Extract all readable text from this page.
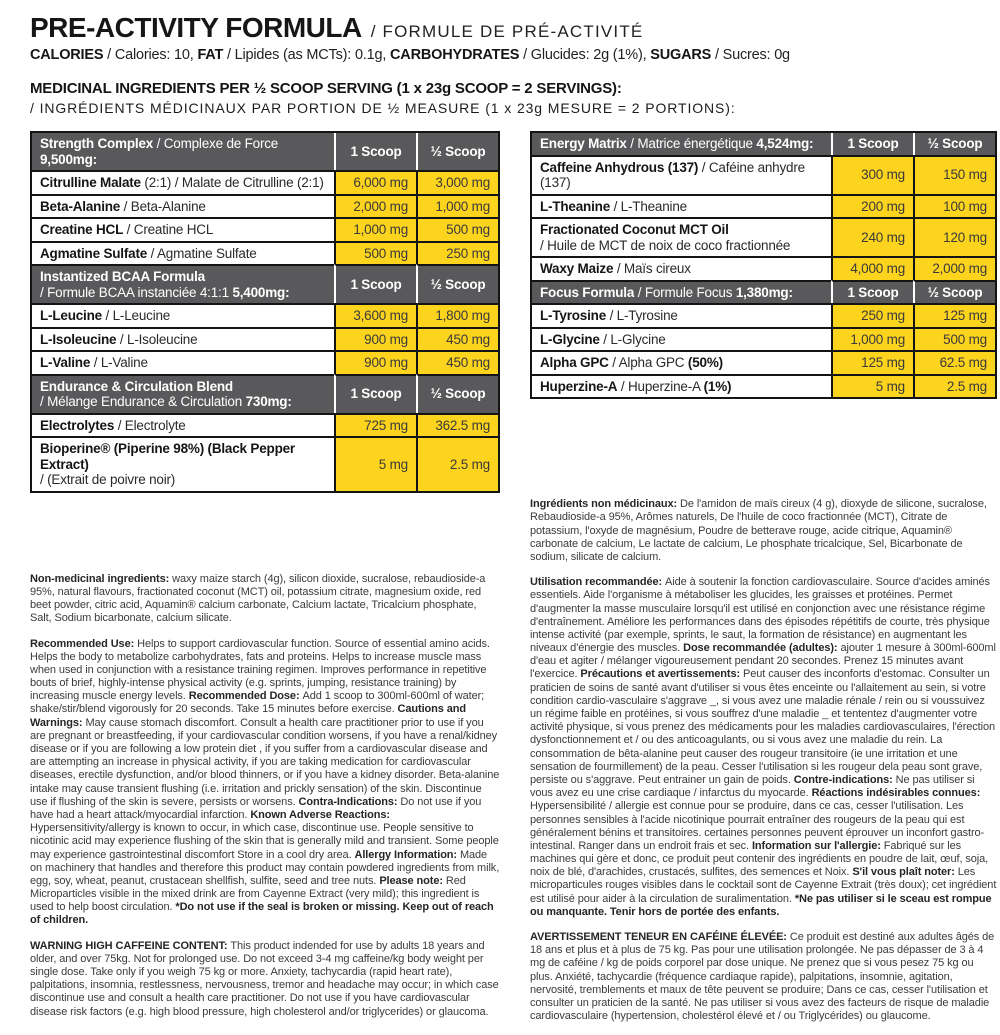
PRE-ACTIVITY FORMULA / FORMULE DE PRÉ-ACTIVITÉ
CALORIES / Calories: 10, FAT / Lipides (as MCTs): 0.1g, CARBOHYDRATES / Glucides: 2g (1%), SUGARS / Sucres: 0g
MEDICINAL INGREDIENTS PER ½ SCOOP SERVING (1 x 23g SCOOP = 2 SERVINGS):
/ INGRÉDIENTS MÉDICINAUX PAR PORTION DE ½ MEASURE (1 x 23g MESURE = 2 PORTIONS):
Strength Complex / Complexe de Force 9,500mg:	1 Scoop	½ Scoop
Citrulline Malate (2:1) / Malate de Citrulline (2:1)	6,000 mg	3,000 mg
Beta-Alanine / Beta-Alanine	2,000 mg	1,000 mg
Creatine HCL / Creatine HCL	1,000 mg	500 mg
Agmatine Sulfate / Agmatine Sulfate	500 mg	250 mg
Instantized BCAA Formula
/ Formule BCAA instanciée 4:1:1 5,400mg:	1 Scoop	½ Scoop
L-Leucine / L-Leucine	3,600 mg	1,800 mg
L-Isoleucine / L-Isoleucine	900 mg	450 mg
L-Valine / L-Valine	900 mg	450 mg
Endurance & Circulation Blend
/ Mélange Endurance & Circulation 730mg:	1 Scoop	½ Scoop
Electrolytes / Electrolyte	725 mg	362.5 mg
Bioperine® (Piperine 98%) (Black Pepper Extract)
/ (Extrait de poivre noir)	5 mg	2.5 mg

Non-medicinal ingredients: waxy maize starch (4g), silicon dioxide, sucralose, rebaudioside-a 95%, natural flavours, fractionated coconut (MCT) oil, potassium citrate, magnesium oxide, red beet powder, citric acid, Aquamin® calcium carbonate, Calcium lactate, Tricalcium phosphate, Salt, Sodium bicarbonate, calcium silicate.

Recommended Use: Helps to support cardiovascular function. Source of essential amino acids. Helps the body to metabolize carbohydrates, fats and proteins. Helps to increase muscle mass when used in conjunction with a resistance training regimen. Improves performance in repetitive bouts of brief, highly-intense physical activity (e.g. sprints, jumping, resistance training) by increasing muscle energy levels. Recommended Dose: Add 1 scoop to 300ml-600ml of water; shake/stir/blend vigorously for 20 seconds. Take 15 minutes before exercise. Cautions and Warnings: May cause stomach discomfort. Consult a health care practitioner prior to use if you are pregnant or breastfeeding, if your cardiovascular condition worsens, if you have a renal/kidney disease or if you are following a low protein diet , if you suffer from a cardiovascular disease and are attempting an increase in physical activity, if you are taking medication for cardiovascular diseases, erectile dysfunction, and/or blood thinners, or if you have a kidney disorder. Beta-alanine intake may cause transient flushing (i.e. irritation and prickly sensation) of the skin. Discontinue use if flushing of the skin is severe, persists or worsens. Contra-Indications: Do not use if you have had a heart attack/myocardial infarction. Known Adverse Reactions: Hypersensitivity/allergy is known to occur, in which case, discontinue use. People sensitive to nicotinic acid may experience flushing of the skin that is generally mild and transient. Some people may experience gastrointestinal discomfort Store in a cool dry area. Allergy Information: Made on machinery that handles and therefore this product may contain powdered ingredients from milk, egg, soy, wheat, peanut, crustacean shellfish, sulfite, seed and tree nuts. Please note: Red Microparticles visible in the mixed drink are from Cayenne Extract (very mild); this ingredient is used to help boost circulation. *Do not use if the seal is broken or missing. Keep out of reach of children.

WARNING HIGH CAFFEINE CONTENT: This product indended for use by adults 18 years and older, and over 75kg. Not for prolonged use. Do not exceed 3-4 mg caffeine/kg body weight per single dose. Take only if you weigh 75 kg or more. Anxiety, tachycardia (rapid heart rate), palpitations, insomnia, restlessness, nervousness, tremor and headache may occur; in which case discontinue use and consult a health care practitioner. Do not use if you have cardiovascular disease risk factors (e.g. high blood pressure, high cholesterol and/or triglycerides) or glaucoma.

Energy Matrix / Matrice énergétique 4,524mg:	1 Scoop	½ Scoop
Caffeine Anhydrous (137) / Caféine anhydre (137)	300 mg	150 mg
L-Theanine / L-Theanine	200 mg	100 mg
Fractionated Coconut MCT Oil
/ Huile de MCT de noix de coco fractionnée	240 mg	120 mg
Waxy Maize / Maïs cireux	4,000 mg	2,000 mg
Focus Formula / Formule Focus 1,380mg:	1 Scoop	½ Scoop
L-Tyrosine / L-Tyrosine	250 mg	125 mg
L-Glycine / L-Glycine	1,000 mg	500 mg
Alpha GPC / Alpha GPC (50%)	125 mg	62.5 mg
Huperzine-A / Huperzine-A (1%)	5 mg	2.5 mg

Ingrédients non médicinaux: De l'amidon de maïs cireux (4 g), dioxyde de silicone, sucralose, Rebaudioside-a 95%, Arômes naturels, De l'huile de coco fractionnée (MCT), Citrate de potassium, l'oxyde de magnésium, Poudre de betterave rouge, acide citrique, Aquamin® carbonate de calcium, Le lactate de calcium, Le phosphate tricalcique, Sel, Bicarbonate de sodium, silicate de calcium.

Utilisation recommandée: Aide à soutenir la fonction cardiovasculaire. Source d'acides aminés essentiels. Aide l'organisme à métaboliser les glucides, les graisses et protéines. Permet d'augmenter la masse musculaire lorsqu'il est utilisé en conjonction avec une résistance régime d'entraînement. Améliore les performances dans des épisodes répétitifs de courte, très physique intense activité (par exemple, sprints, le saut, la formation de résistance) en augmentant les niveaux d'énergie des muscles. Dose recommandée (adultes): ajouter 1 mesure à 300ml-600ml d'eau et agiter / mélanger vigoureusement pendant 20 secondes. Prenez 15 minutes avant l'exercice. Précautions et avertissements: Peut causer des inconforts d'estomac. Consulter un praticien de soins de santé avant d'utiliser si vous êtes enceinte ou l'allaitement au sein, si votre condition cardio-vasculaire s'aggrave _, si vous avez une maladie rénale / rein ou si voussuivez un régime faible en protéines, si vous souffrez d'une maladie _ et tententez d'augmenter votre activité physique, si vous prenez des médicaments pour les maladies cardiovasculaires, l'érection dysfonctionnement et / ou des anticoagulants, ou si vous avez une maladie du rein. La consommation de bêta-alanine peut causer des rougeur transitoire (ie une irritation et une sensation de fourmillement) de la peau. Cesser l'utilisation si les rougeur dela peau sont grave, persiste ou s'aggrave. Peut entrainer un gain de poids. Contre-indications: Ne pas utiliser si vous avez eu une crise cardiaque / infarctus du myocarde. Réactions indésirables connues: Hypersensibilité / allergie est connue pour se produire, dans ce cas, cesser l'utilisation. Les personnes sensibles à l'acide nicotinique pourrait entraîner des rougeurs de la peau qui est généralement bénins et transitoires. certaines personnes peuvent éprouver un inconfort gastro-intestinal. Ranger dans un endroit frais et sec. Information sur l'allergie: Fabriqué sur les machines qui gère et donc, ce produit peut contenir des ingrédients en poudre de lait, œuf, soja, noix de blé, d'arachides, crustacés, sulfites, des semences et Noix. S'il vous plaît noter: Les microparticules rouges visibles dans le cocktail sont de Cayenne Extrait (très doux); cet ingrédient est utilisé pour aider à la circulation de suralimentation. *Ne pas utiliser si le sceau est rompue ou manquante. Tenir hors de portée des enfants.

AVERTISSEMENT TENEUR EN CAFÉINE ÉLEVÉE: Ce produit est destiné aux adultes âgés de 18 ans et plus et à plus de 75 kg. Pas pour une utilisation prolongée. Ne pas dépasser de 3 à 4 mg de caféine / kg de poids corporel par dose unique. Ne prenez que si vous pesez 75 kg ou plus. Anxiété, tachycardie (fréquence cardiaque rapide), palpitations, insomnie, agitation, nervosité, tremblements et maux de tête peuvent se produire; Dans ce cas, cesser l'utilisation et consulter un praticien de la santé. Ne pas utiliser si vous avez des facteurs de risque de maladie cardiovasculaire (hypertension, cholestérol élevé et / ou Triglycérides) ou glaucome.
